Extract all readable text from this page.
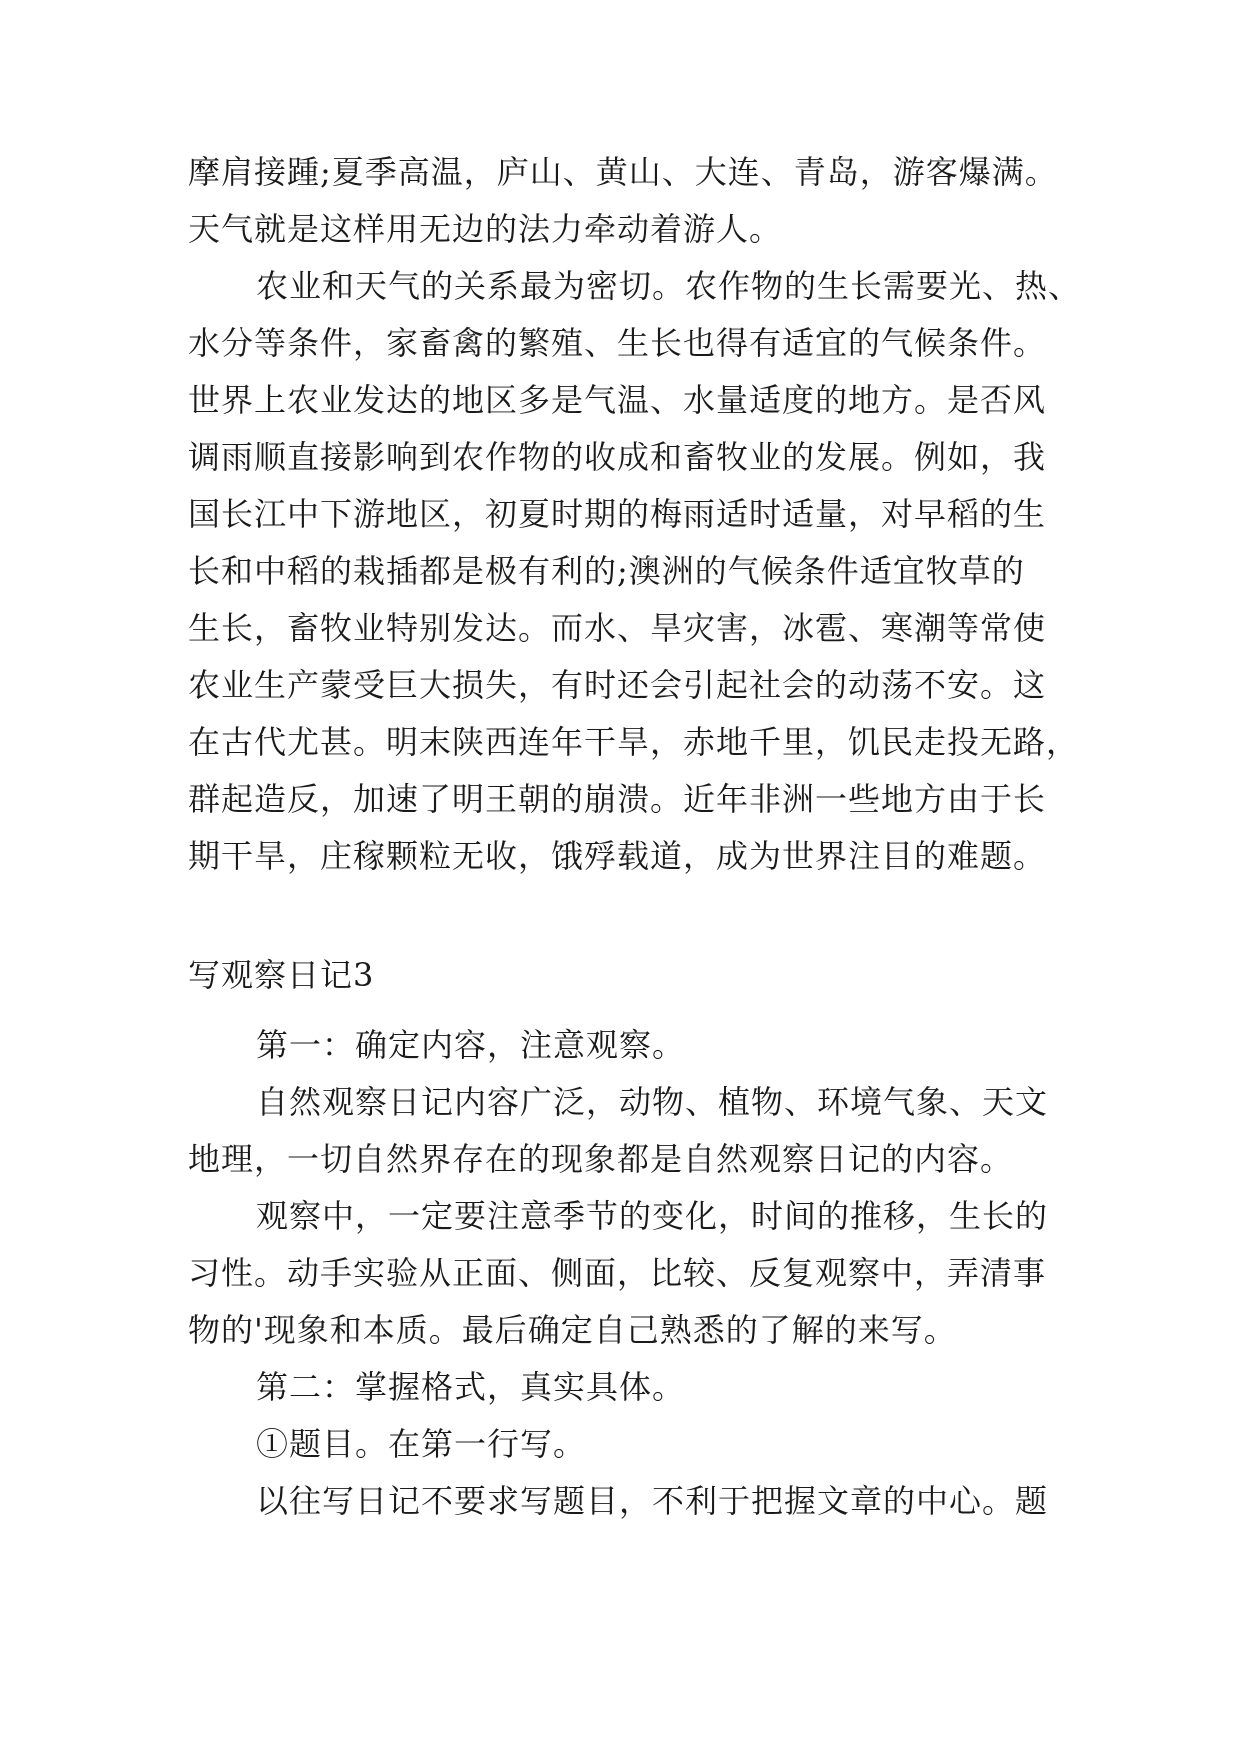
摩肩接踵;夏季高温，庐山、黄山、大连、青岛，游客爆满。
天气就是这样用无边的法力牵动着游人。
农业和天气的关系最为密切。农作物的生长需要光、热、
水分等条件，家畜禽的繁殖、生长也得有适宜的气候条件。
世界上农业发达的地区多是气温、水量适度的地方。是否风
调雨顺直接影响到农作物的收成和畜牧业的发展。例如，我
国长江中下游地区，初夏时期的梅雨适时适量，对早稻的生
长和中稻的栽插都是极有利的;澳洲的气候条件适宜牧草的
生长，畜牧业特别发达。而水、旱灾害，冰雹、寒潮等常使
农业生产蒙受巨大损失，有时还会引起社会的动荡不安。这
在古代尤甚。明末陕西连年干旱，赤地千里，饥民走投无路，
群起造反，加速了明王朝的崩溃。近年非洲一些地方由于长
期干旱，庄稼颗粒无收，饿殍载道，成为世界注目的难题。
写观察日记3
第一：确定内容，注意观察。
自然观察日记内容广泛，动物、植物、环境气象、天文
地理，一切自然界存在的现象都是自然观察日记的内容。
观察中，一定要注意季节的变化，时间的推移，生长的
习性。动手实验从正面、侧面，比较、反复观察中，弄清事
物的'现象和本质。最后确定自己熟悉的了解的来写。
第二：掌握格式，真实具体。
①题目。在第一行写。
以往写日记不要求写题目，不利于把握文章的中心。题
